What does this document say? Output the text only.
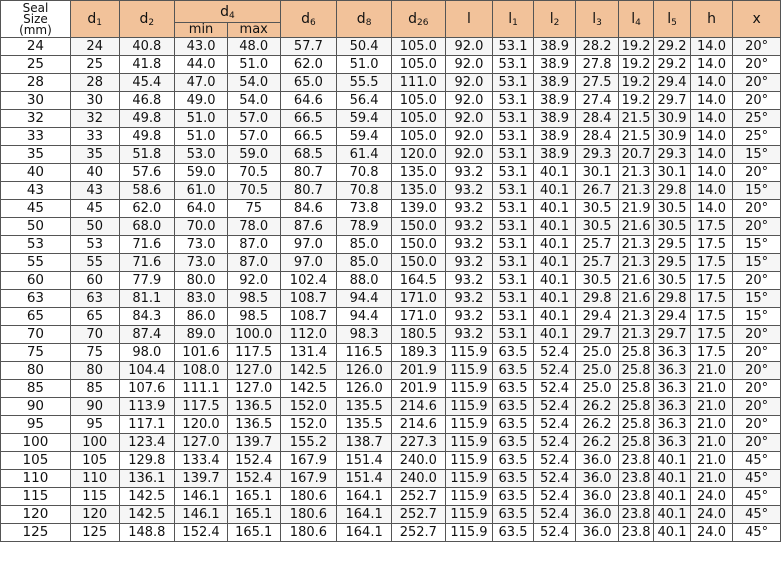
Seal
Size
(mm)	$d_1$	$d_2$	$d_4$		$d_6$	$d_8$	$d_{26}$	l	$l_1$	$l_2$	$l_3$	$l_4$	$l_5$	h	x
			min	max											
24	24	40.8	43.0	48.0	57.7	50.4	105.0	92.0	53.1	38.9	28.2	19.2	29.2	14.0	20°
25	25	41.8	44.0	51.0	62.0	51.0	105.0	92.0	53.1	38.9	27.8	19.2	29.2	14.0	20°
28	28	45.4	47.0	54.0	65.0	55.5	111.0	92.0	53.1	38.9	27.5	19.2	29.4	14.0	20°
30	30	46.8	49.0	54.0	64.6	56.4	105.0	92.0	53.1	38.9	27.4	19.2	29.7	14.0	20°
32	32	49.8	51.0	57.0	66.5	59.4	105.0	92.0	53.1	38.9	28.4	21.5	30.9	14.0	25°
33	33	49.8	51.0	57.0	66.5	59.4	105.0	92.0	53.1	38.9	28.4	21.5	30.9	14.0	25°
35	35	51.8	53.0	59.0	68.5	61.4	120.0	92.0	53.1	38.9	29.3	20.7	29.3	14.0	15°
40	40	57.6	59.0	70.5	80.7	70.8	135.0	93.2	53.1	40.1	30.1	21.3	30.1	14.0	20°
43	43	58.6	61.0	70.5	80.7	70.8	135.0	93.2	53.1	40.1	26.7	21.3	29.8	14.0	15°
45	45	62.0	64.0	75	84.6	73.8	139.0	93.2	53.1	40.1	30.5	21.9	30.5	14.0	20°
50	50	68.0	70.0	78.0	87.6	78.9	150.0	93.2	53.1	40.1	30.5	21.6	30.5	17.5	20°
53	53	71.6	73.0	87.0	97.0	85.0	150.0	93.2	53.1	40.1	25.7	21.3	29.5	17.5	15°
55	55	71.6	73.0	87.0	97.0	85.0	150.0	93.2	53.1	40.1	25.7	21.3	29.5	17.5	15°
60	60	77.9	80.0	92.0	102.4	88.0	164.5	93.2	53.1	40.1	30.5	21.6	30.5	17.5	20°
63	63	81.1	83.0	98.5	108.7	94.4	171.0	93.2	53.1	40.1	29.8	21.6	29.8	17.5	15°
65	65	84.3	86.0	98.5	108.7	94.4	171.0	93.2	53.1	40.1	29.4	21.3	29.4	17.5	15°
70	70	87.4	89.0	100.0	112.0	98.3	180.5	93.2	53.1	40.1	29.7	21.3	29.7	17.5	20°
75	75	98.0	101.6	117.5	131.4	116.5	189.3	115.9	63.5	52.4	25.0	25.8	36.3	17.5	20°
80	80	104.4	108.0	127.0	142.5	126.0	201.9	115.9	63.5	52.4	25.0	25.8	36.3	21.0	20°
85	85	107.6	111.1	127.0	142.5	126.0	201.9	115.9	63.5	52.4	25.0	25.8	36.3	21.0	20°
90	90	113.9	117.5	136.5	152.0	135.5	214.6	115.9	63.5	52.4	26.2	25.8	36.3	21.0	20°
95	95	117.1	120.0	136.5	152.0	135.5	214.6	115.9	63.5	52.4	26.2	25.8	36.3	21.0	20°
100	100	123.4	127.0	139.7	155.2	138.7	227.3	115.9	63.5	52.4	26.2	25.8	36.3	21.0	20°
105	105	129.8	133.4	152.4	167.9	151.4	240.0	115.9	63.5	52.4	36.0	23.8	40.1	21.0	45°
110	110	136.1	139.7	152.4	167.9	151.4	240.0	115.9	63.5	52.4	36.0	23.8	40.1	21.0	45°
115	115	142.5	146.1	165.1	180.6	164.1	252.7	115.9	63.5	52.4	36.0	23.8	40.1	24.0	45°
120	120	142.5	146.1	165.1	180.6	164.1	252.7	115.9	63.5	52.4	36.0	23.8	40.1	24.0	45°
125	125	148.8	152.4	165.1	180.6	164.1	252.7	115.9	63.5	52.4	36.0	23.8	40.1	24.0	45°
